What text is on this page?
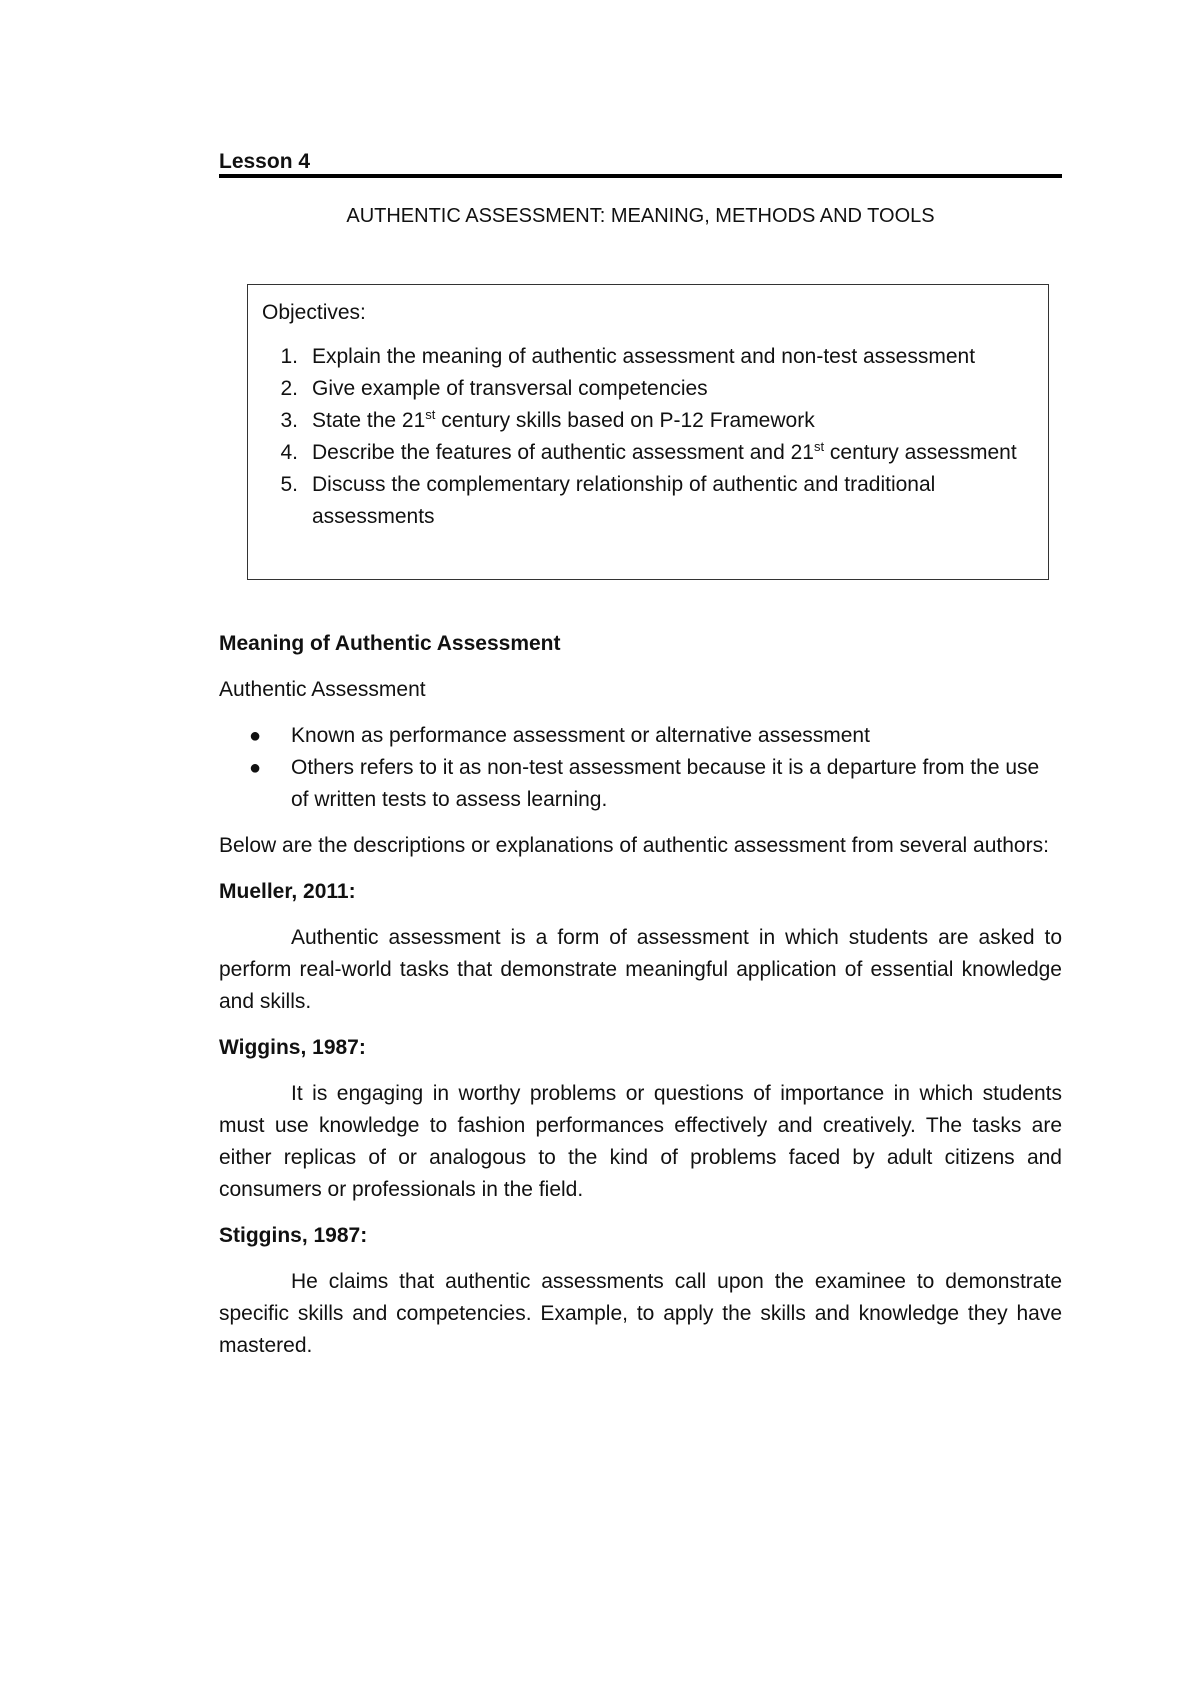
Lesson 4
AUTHENTIC ASSESSMENT: MEANING, METHODS AND TOOLS
Objectives:
1. Explain the meaning of authentic assessment and non-test assessment
2. Give example of transversal competencies
3. State the 21st century skills based on P-12 Framework
4. Describe the features of authentic assessment and 21st century assessment
5. Discuss the complementary relationship of authentic and traditional assessments

Meaning of Authentic Assessment

Authentic Assessment

●	Known as performance assessment or alternative assessment
●	Others refers to it as non-test assessment because it is a departure from the use of written tests to assess learning.

Below are the descriptions or explanations of authentic assessment from several authors:

Mueller, 2011:

Authentic assessment is a form of assessment in which students are asked to perform real-world tasks that demonstrate meaningful application of essential knowledge and skills.

Wiggins, 1987:

It is engaging in worthy problems or questions of importance in which students must use knowledge to fashion performances effectively and creatively. The tasks are either replicas of or analogous to the kind of problems faced by adult citizens and consumers or professionals in the field.

Stiggins, 1987:

He claims that authentic assessments call upon the examinee to demonstrate specific skills and competencies. Example, to apply the skills and knowledge they have mastered.
